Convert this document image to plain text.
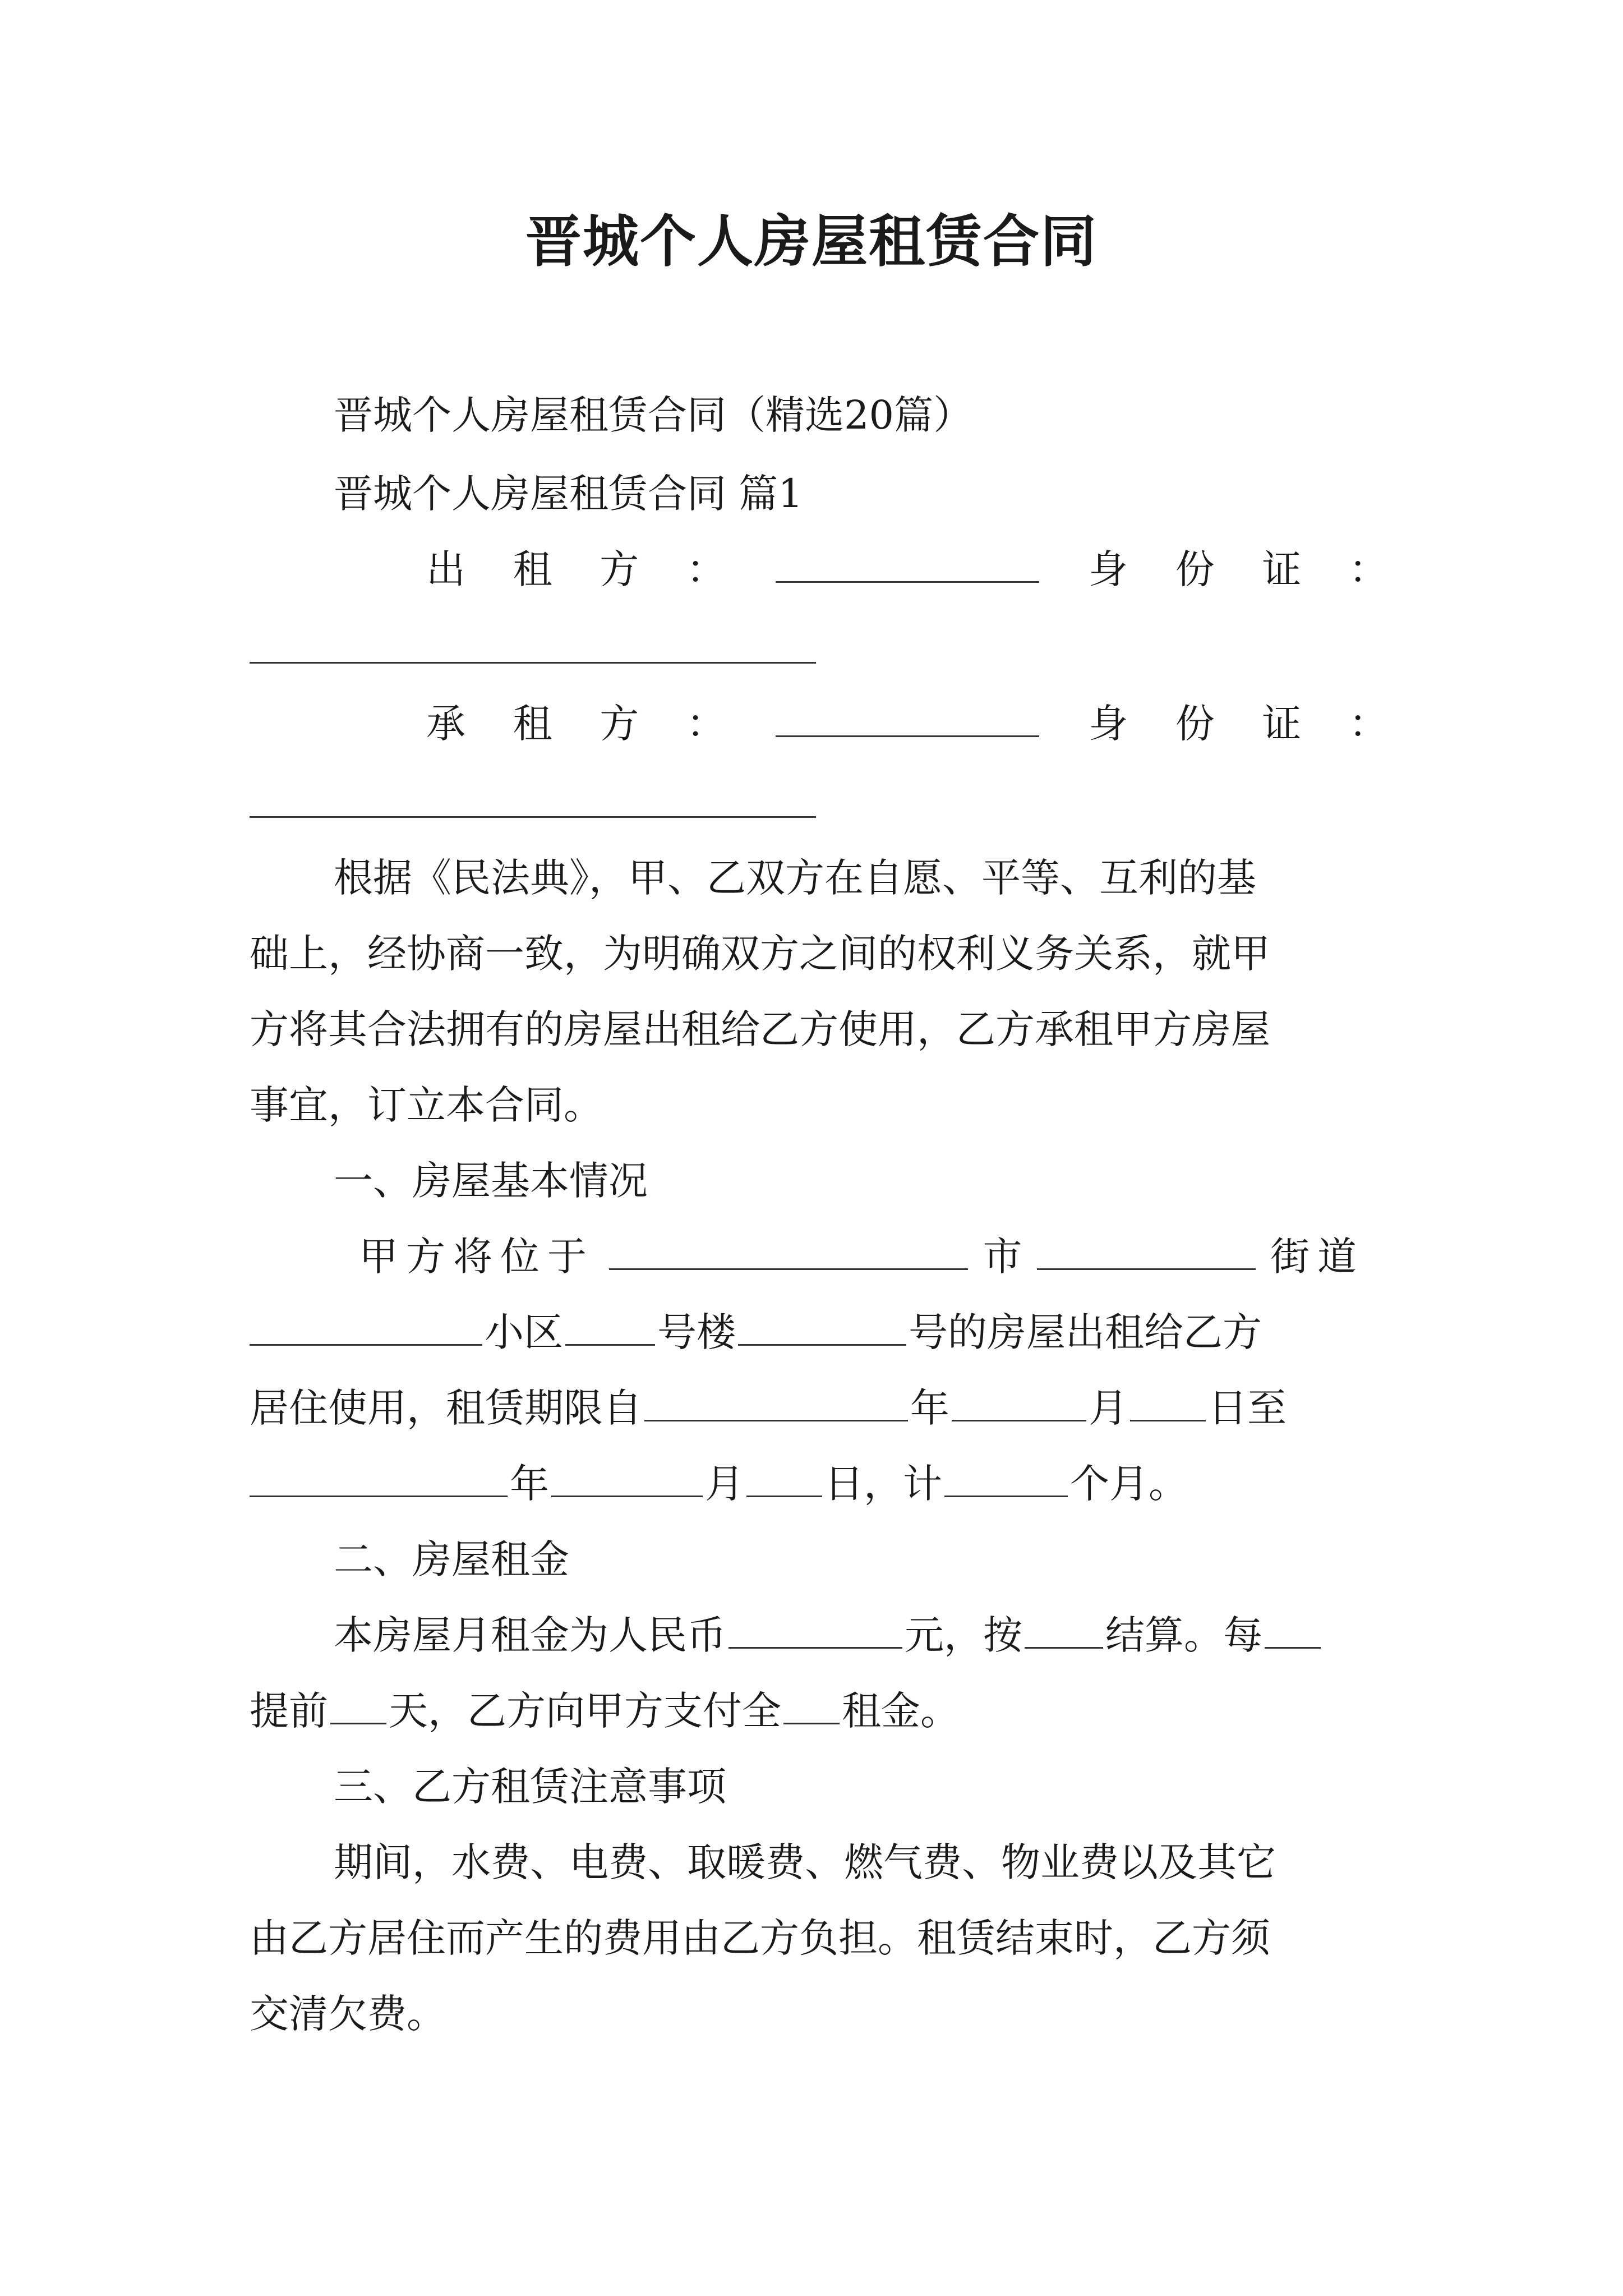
晋城个人房屋租赁合同
晋城个人房屋租赁合同（精选20篇）
晋城个人房屋租赁合同 篇1
出 租 方 ：	身 份 证 ：
承 租 方 ：	身 份 证 ：
根据《民法典》，甲、乙双方在自愿、平等、互利的基
础上，经协商一致，为明确双方之间的权利义务关系，就甲
方将其合法拥有的房屋出租给乙方使用，乙方承租甲方房屋
事宜，订立本合同。
一、房屋基本情况
甲方将位于	市	街道
小区 号楼	号的房屋出租给乙方
居住使用，租赁期限自	年	月 日至
年	月 日，计	个月。
二、房屋租金
本房屋月租金为人民币	元，按 结算。每
提前 天，乙方向甲方支付全 租金。
三、乙方租赁注意事项
期间，水费、电费、取暖费、燃气费、物业费以及其它
由乙方居住而产生的费用由乙方负担。租赁结束时，乙方须
交清欠费。
